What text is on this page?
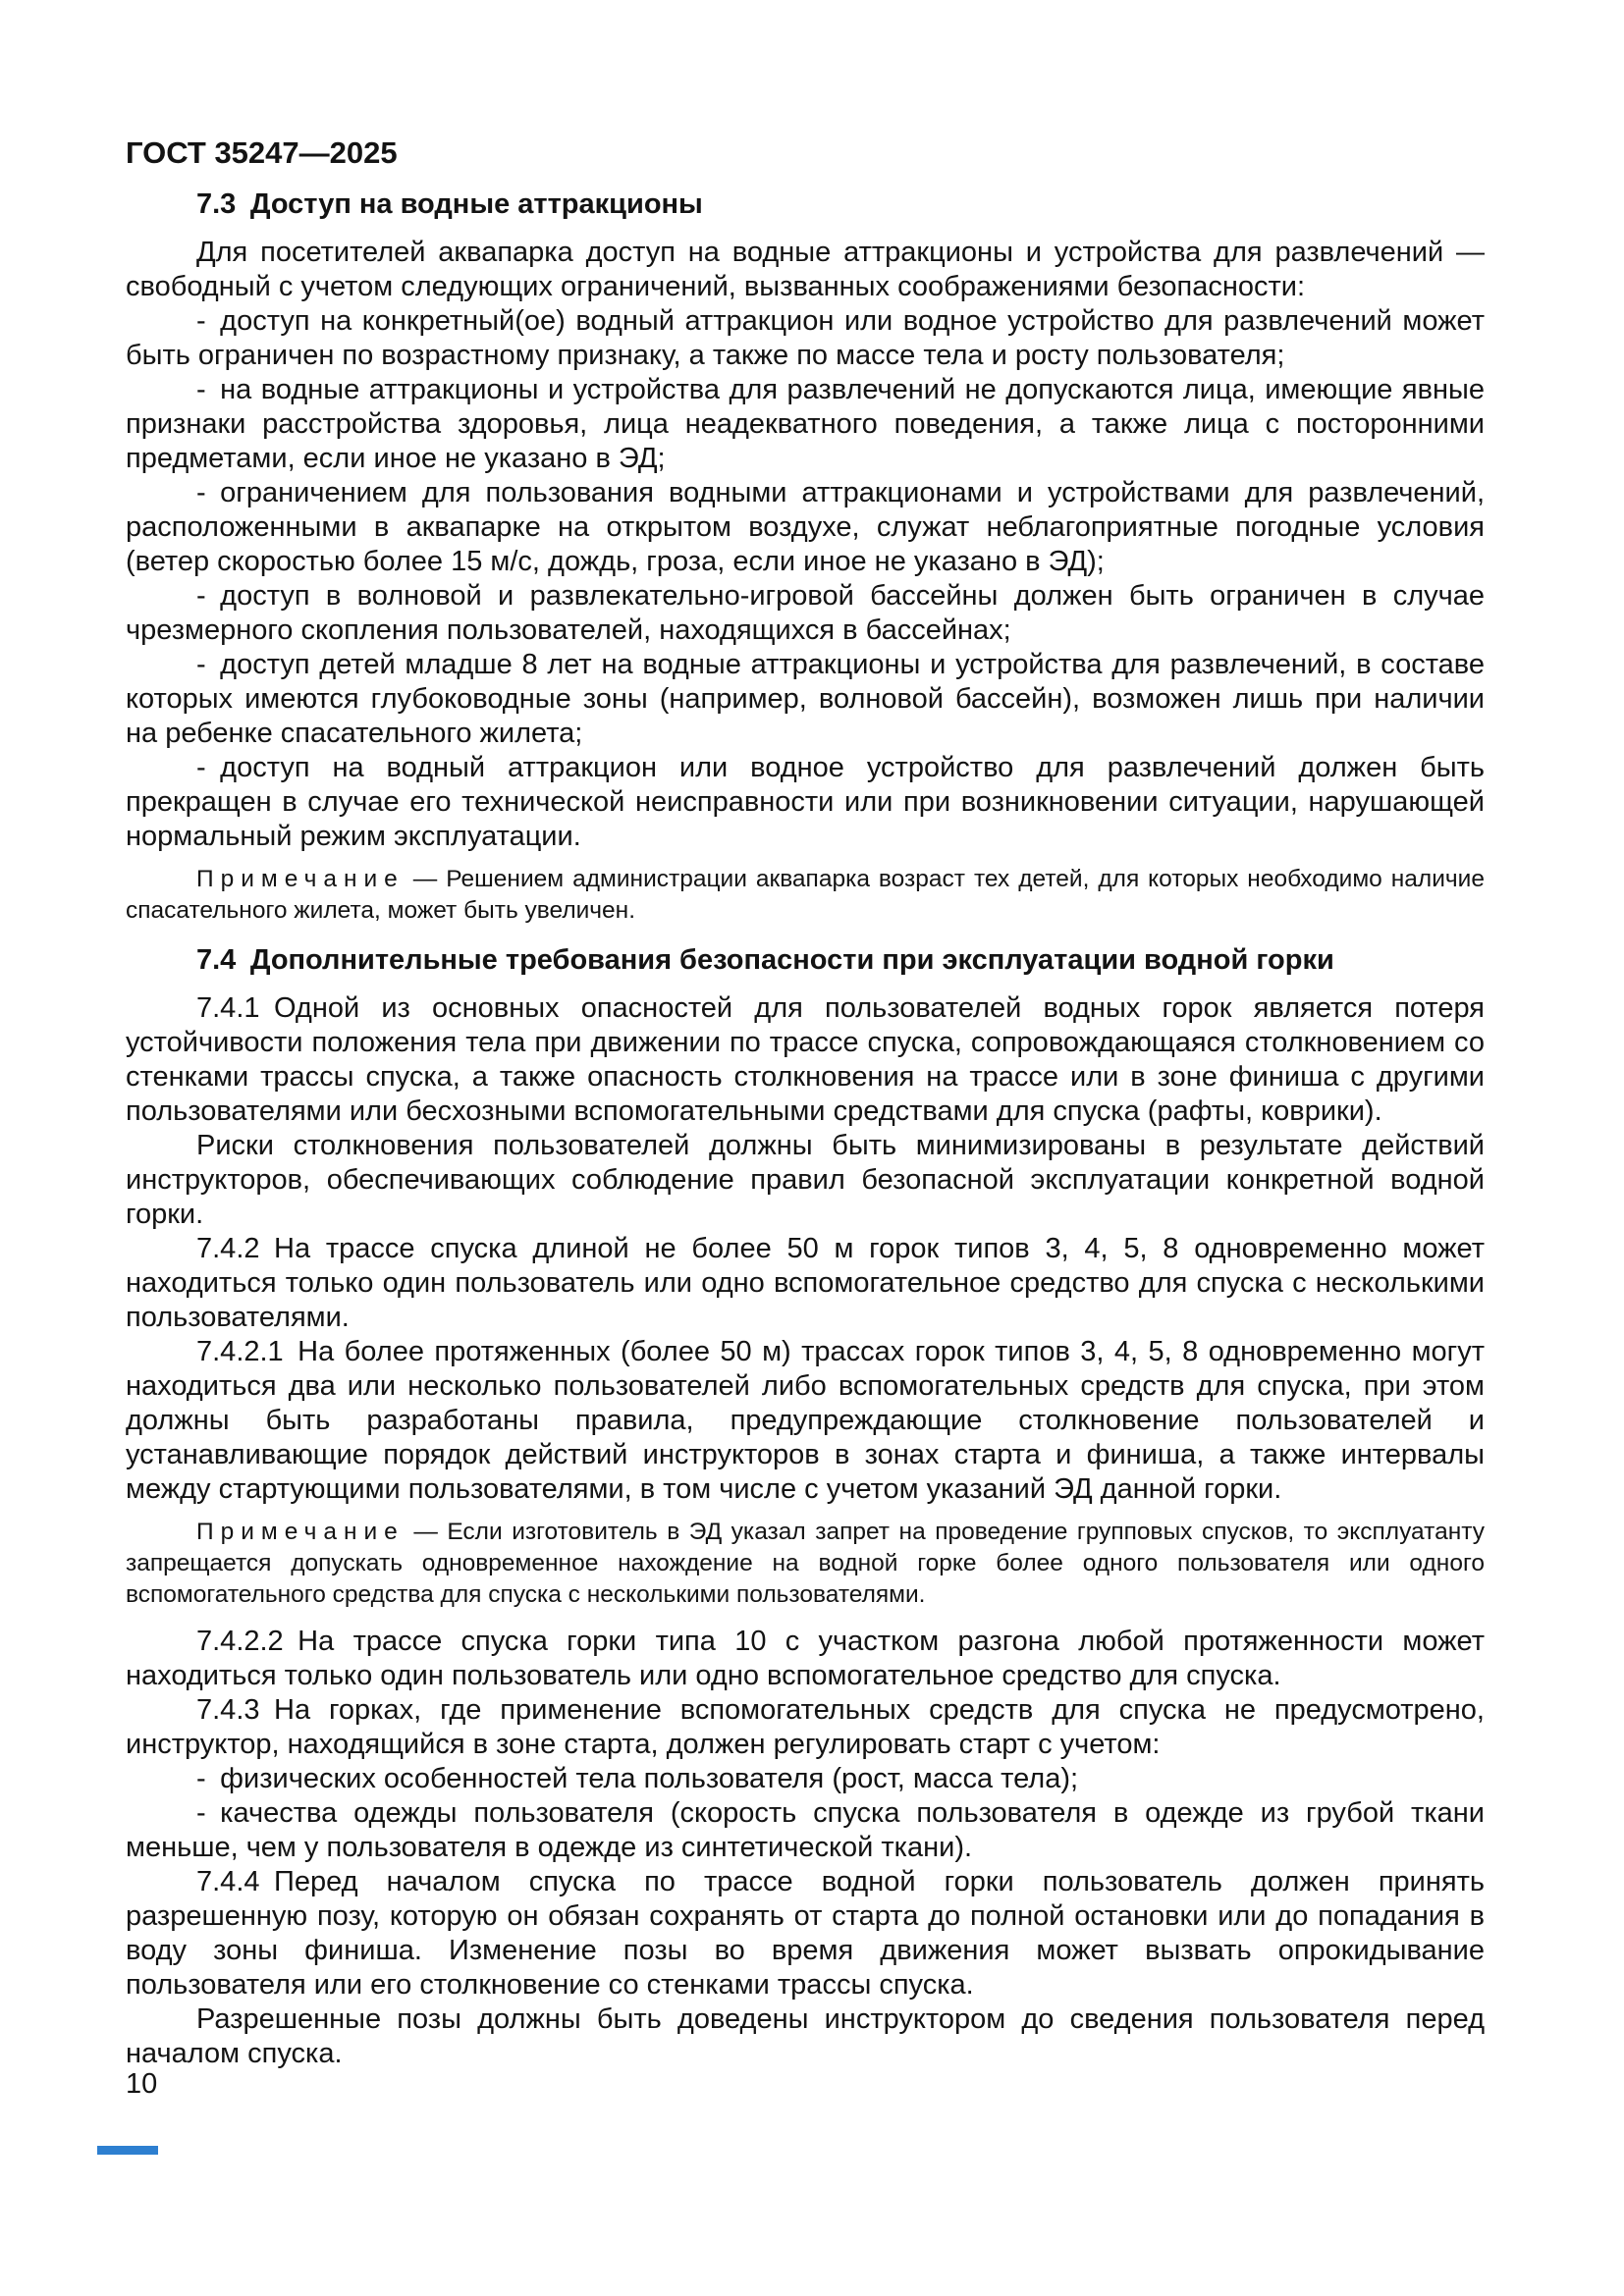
ГОСТ 35247—2025

7.3 Доступ на водные аттракционы

Для посетителей аквапарка доступ на водные аттракционы и устройства для развлечений — свободный с учетом следующих ограничений, вызванных соображениями безопасности:

- доступ на конкретный(ое) водный аттракцион или водное устройство для развлечений может быть ограничен по возрастному признаку, а также по массе тела и росту пользователя;

- на водные аттракционы и устройства для развлечений не допускаются лица, имеющие явные признаки расстройства здоровья, лица неадекватного поведения, а также лица с посторонними предметами, если иное не указано в ЭД;

- ограничением для пользования водными аттракционами и устройствами для развлечений, расположенными в аквапарке на открытом воздухе, служат неблагоприятные погодные условия (ветер скоростью более 15 м/с, дождь, гроза, если иное не указано в ЭД);

- доступ в волновой и развлекательно-игровой бассейны должен быть ограничен в случае чрезмерного скопления пользователей, находящихся в бассейнах;

- доступ детей младше 8 лет на водные аттракционы и устройства для развлечений, в составе которых имеются глубоководные зоны (например, волновой бассейн), возможен лишь при наличии на ребенке спасательного жилета;

- доступ на водный аттракцион или водное устройство для развлечений должен быть прекращен в случае его технической неисправности или при возникновении ситуации, нарушающей нормальный режим эксплуатации.

Примечание — Решением администрации аквапарка возраст тех детей, для которых необходимо наличие спасательного жилета, может быть увеличен.

7.4 Дополнительные требования безопасности при эксплуатации водной горки

7.4.1 Одной из основных опасностей для пользователей водных горок является потеря устойчивости положения тела при движении по трассе спуска, сопровождающаяся столкновением со стенками трассы спуска, а также опасность столкновения на трассе или в зоне финиша с другими пользователями или бесхозными вспомогательными средствами для спуска (рафты, коврики).

Риски столкновения пользователей должны быть минимизированы в результате действий инструкторов, обеспечивающих соблюдение правил безопасной эксплуатации конкретной водной горки.

7.4.2 На трассе спуска длиной не более 50 м горок типов 3, 4, 5, 8 одновременно может находиться только один пользователь или одно вспомогательное средство для спуска с несколькими пользователями.

7.4.2.1 На более протяженных (более 50 м) трассах горок типов 3, 4, 5, 8 одновременно могут находиться два или несколько пользователей либо вспомогательных средств для спуска, при этом должны быть разработаны правила, предупреждающие столкновение пользователей и устанавливающие порядок действий инструкторов в зонах старта и финиша, а также интервалы между стартующими пользователями, в том числе с учетом указаний ЭД данной горки.

Примечание — Если изготовитель в ЭД указал запрет на проведение групповых спусков, то эксплуатанту запрещается допускать одновременное нахождение на водной горке более одного пользователя или одного вспомогательного средства для спуска с несколькими пользователями.

7.4.2.2 На трассе спуска горки типа 10 с участком разгона любой протяженности может находиться только один пользователь или одно вспомогательное средство для спуска.

7.4.3 На горках, где применение вспомогательных средств для спуска не предусмотрено, инструктор, находящийся в зоне старта, должен регулировать старт с учетом:

- физических особенностей тела пользователя (рост, масса тела);

- качества одежды пользователя (скорость спуска пользователя в одежде из грубой ткани меньше, чем у пользователя в одежде из синтетической ткани).

7.4.4 Перед началом спуска по трассе водной горки пользователь должен принять разрешенную позу, которую он обязан сохранять от старта до полной остановки или до попадания в воду зоны финиша. Изменение позы во время движения может вызвать опрокидывание пользователя или его столкновение со стенками трассы спуска.

Разрешенные позы должны быть доведены инструктором до сведения пользователя перед началом спуска.

10
